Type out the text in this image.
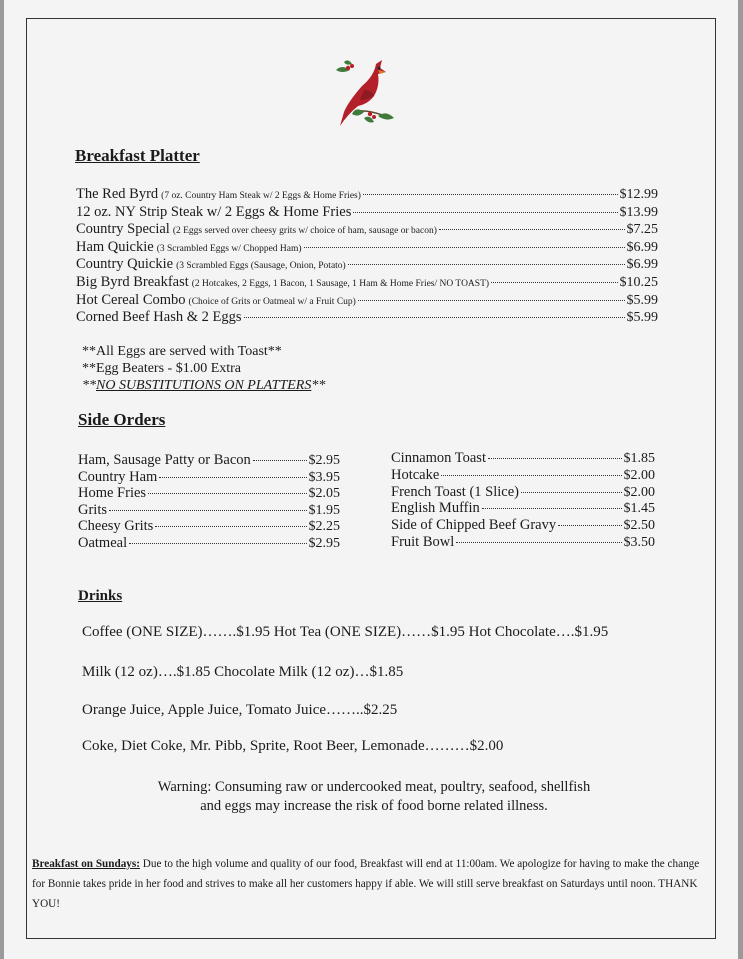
Breakfast Platter
The Red Byrd (7 oz. Country Ham Steak w/ 2 Eggs & Home Fries)	$12.99
12 oz. NY Strip Steak w/ 2 Eggs & Home Fries	$13.99
Country Special (2 Eggs served over cheesy grits w/ choice of ham, sausage or bacon)	$7.25
Ham Quickie (3 Scrambled Eggs w/ Chopped Ham)	$6.99
Country Quickie (3 Scrambled Eggs (Sausage, Onion, Potato)	$6.99
Big Byrd Breakfast (2 Hotcakes, 2 Eggs, 1 Bacon, 1 Sausage, 1 Ham & Home Fries/ NO TOAST)	$10.25
Hot Cereal Combo (Choice of Grits or Oatmeal w/ a Fruit Cup)	$5.99
Corned Beef Hash & 2 Eggs	$5.99

**All Eggs are served with Toast**

**Egg Beaters - $1.00 Extra

**NO SUBSTITUTIONS ON PLATTERS**

Side Orders
Ham, Sausage Patty or Bacon	$2.95
Country Ham	$3.95
Home Fries	$2.05
Grits	$1.95
Cheesy Grits	$2.25
Oatmeal	$2.95
Cinnamon Toast	$1.85
Hotcake	$2.00
French Toast (1 Slice)	$2.00
English Muffin	$1.45
Side of Chipped Beef Gravy	$2.50
Fruit Bowl	$3.50
Drinks
Coffee (ONE SIZE)…….$1.95 Hot Tea (ONE SIZE)……$1.95 Hot Chocolate….$1.95
Milk (12 oz)….$1.85 Chocolate Milk (12 oz)…$1.85
Orange Juice, Apple Juice, Tomato Juice……..$2.25
Coke, Diet Coke, Mr. Pibb, Sprite, Root Beer, Lemonade………$2.00
Warning: Consuming raw or undercooked meat, poultry, seafood, shellfish and eggs may increase the risk of food borne related illness.
Breakfast on Sundays: Due to the high volume and quality of our food, Breakfast will end at 11:00am. We apologize for having to make the change for Bonnie takes pride in her food and strives to make all her customers happy if able. We will still serve breakfast on Saturdays until noon. THANK YOU!
